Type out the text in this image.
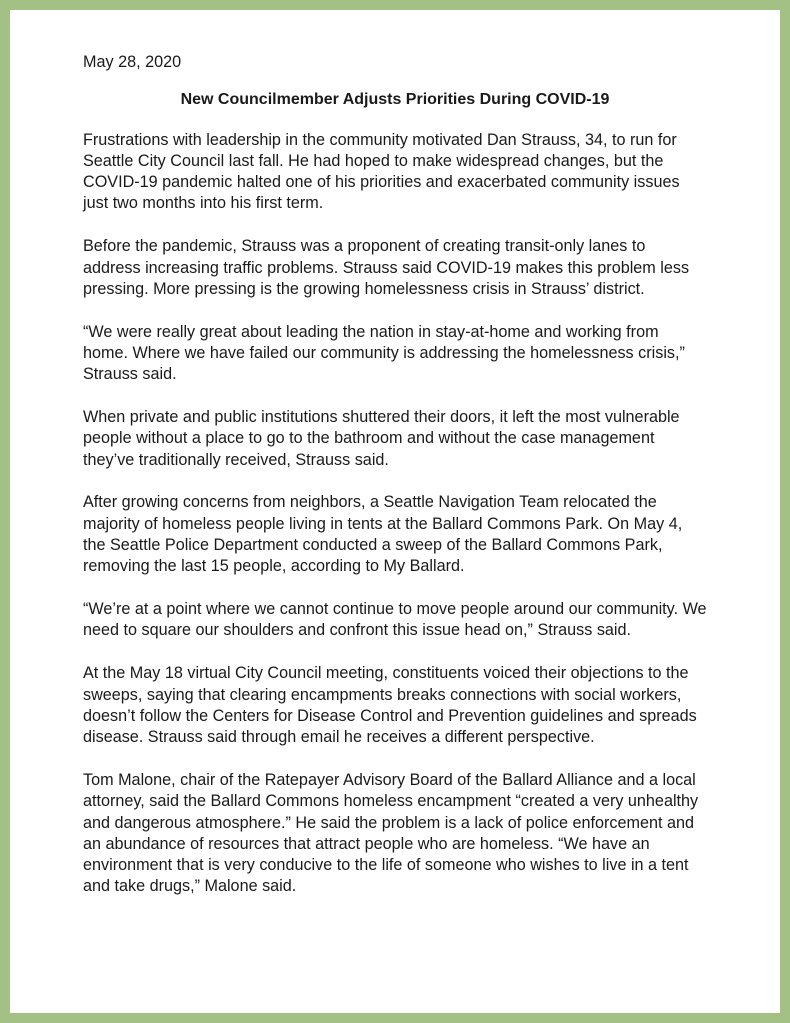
May 28, 2020

New Councilmember Adjusts Priorities During COVID-19

Frustrations with leadership in the community motivated Dan Strauss, 34, to run for Seattle City Council last fall. He had hoped to make widespread changes, but the COVID-19 pandemic halted one of his priorities and exacerbated community issues just two months into his first term.

Before the pandemic, Strauss was a proponent of creating transit-only lanes to address increasing traffic problems. Strauss said COVID-19 makes this problem less pressing. More pressing is the growing homelessness crisis in Strauss’ district.

“We were really great about leading the nation in stay-at-home and working from home. Where we have failed our community is addressing the homelessness crisis,” Strauss said.

When private and public institutions shuttered their doors, it left the most vulnerable people without a place to go to the bathroom and without the case management they’ve traditionally received, Strauss said.

After growing concerns from neighbors, a Seattle Navigation Team relocated the majority of homeless people living in tents at the Ballard Commons Park. On May 4, the Seattle Police Department conducted a sweep of the Ballard Commons Park, removing the last 15 people, according to My Ballard.

“We’re at a point where we cannot continue to move people around our community. We need to square our shoulders and confront this issue head on,” Strauss said.

At the May 18 virtual City Council meeting, constituents voiced their objections to the sweeps, saying that clearing encampments breaks connections with social workers, doesn’t follow the Centers for Disease Control and Prevention guidelines and spreads disease. Strauss said through email he receives a different perspective.

Tom Malone, chair of the Ratepayer Advisory Board of the Ballard Alliance and a local attorney, said the Ballard Commons homeless encampment “created a very unhealthy and dangerous atmosphere.” He said the problem is a lack of police enforcement and an abundance of resources that attract people who are homeless. “We have an environment that is very conducive to the life of someone who wishes to live in a tent and take drugs,” Malone said.
